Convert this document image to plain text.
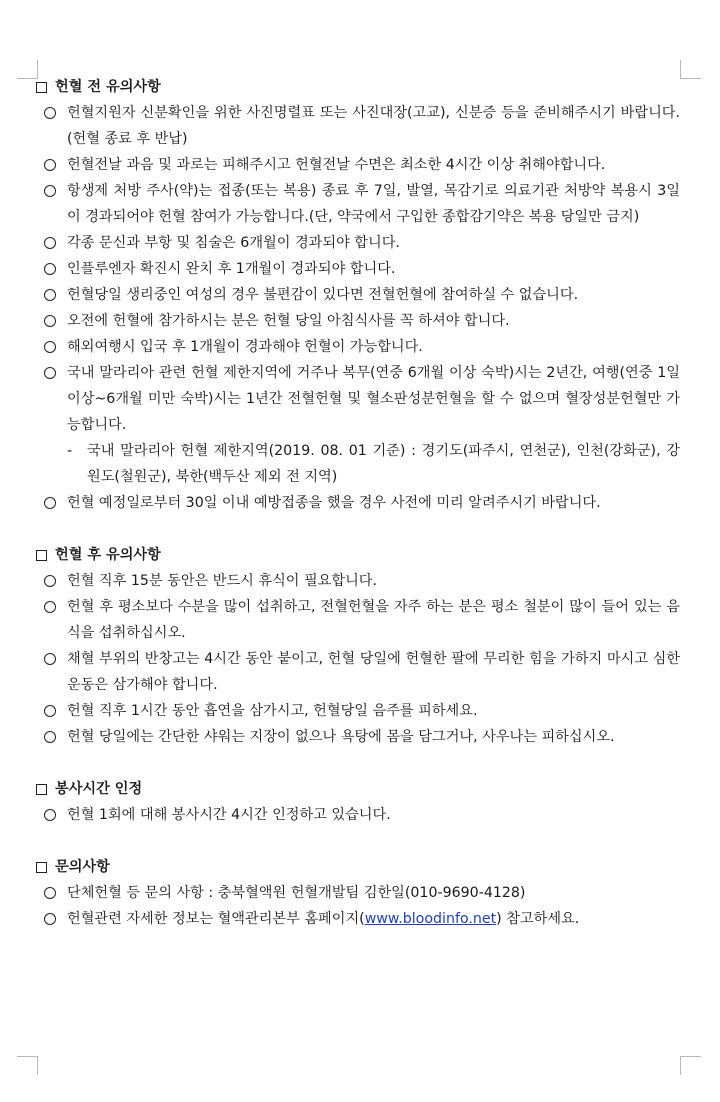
헌혈 전 유의사항
헌혈지원자 신분확인을 위한 사진명렬표 또는 사진대장(고교), 신분증 등을 준비해주시기 바랍니다.(헌혈 종료 후 반납)
헌혈전날 과음 및 과로는 피해주시고 헌혈전날 수면은 최소한 4시간 이상 취해야합니다.
항생제 처방 주사(약)는 접종(또는 복용) 종료 후 7일, 발열, 목감기로 의료기관 처방약 복용시 3일이 경과되어야 헌혈 참여가 가능합니다.(단, 약국에서 구입한 종합감기약은 복용 당일만 금지)
각종 문신과 부항 및 침술은 6개월이 경과되야 합니다.
인플루엔자 확진시 완치 후 1개월이 경과되야 합니다.
헌혈당일 생리중인 여성의 경우 불편감이 있다면 전혈헌혈에 참여하실 수 없습니다.
오전에 헌혈에 참가하시는 분은 헌혈 당일 아침식사를 꼭 하셔야 합니다.
해외여행시 입국 후 1개월이 경과해야 헌혈이 가능합니다.
국내 말라리아 관련 헌혈 제한지역에 거주나 복무(연중 6개월 이상 숙박)시는 2년간, 여행(연중 1일 이상~6개월 미만 숙박)시는 1년간 전혈헌혈 및 혈소판성분헌혈을 할 수 없으며 혈장성분헌혈만 가능합니다.
-	국내 말라리아 헌혈 제한지역(2019. 08. 01 기준) : 경기도(파주시, 연천군), 인천(강화군), 강원도(철원군), 북한(백두산 제외 전 지역)
헌혈 예정일로부터 30일 이내 예방접종을 했을 경우 사전에 미리 알려주시기 바랍니다.
헌혈 후 유의사항
헌혈 직후 15분 동안은 반드시 휴식이 필요합니다.
헌혈 후 평소보다 수분을 많이 섭취하고, 전혈헌혈을 자주 하는 분은 평소 철분이 많이 들어 있는 음식을 섭취하십시오.
채혈 부위의 반창고는 4시간 동안 붙이고, 헌혈 당일에 헌혈한 팔에 무리한 힘을 가하지 마시고 심한 운동은 삼가해야 합니다.
헌혈 직후 1시간 동안 흡연을 삼가시고, 헌혈당일 음주를 피하세요.
헌혈 당일에는 간단한 샤워는 지장이 없으나 욕탕에 몸을 담그거나, 사우나는 피하십시오.
봉사시간 인정
헌혈 1회에 대해 봉사시간 4시간 인정하고 있습니다.
문의사항
단체헌혈 등 문의 사항 : 충북혈액원 헌혈개발팀 김한일(010-9690-4128)
헌혈관련 자세한 정보는 혈액관리본부 홈페이지(www.bloodinfo.net) 참고하세요.
